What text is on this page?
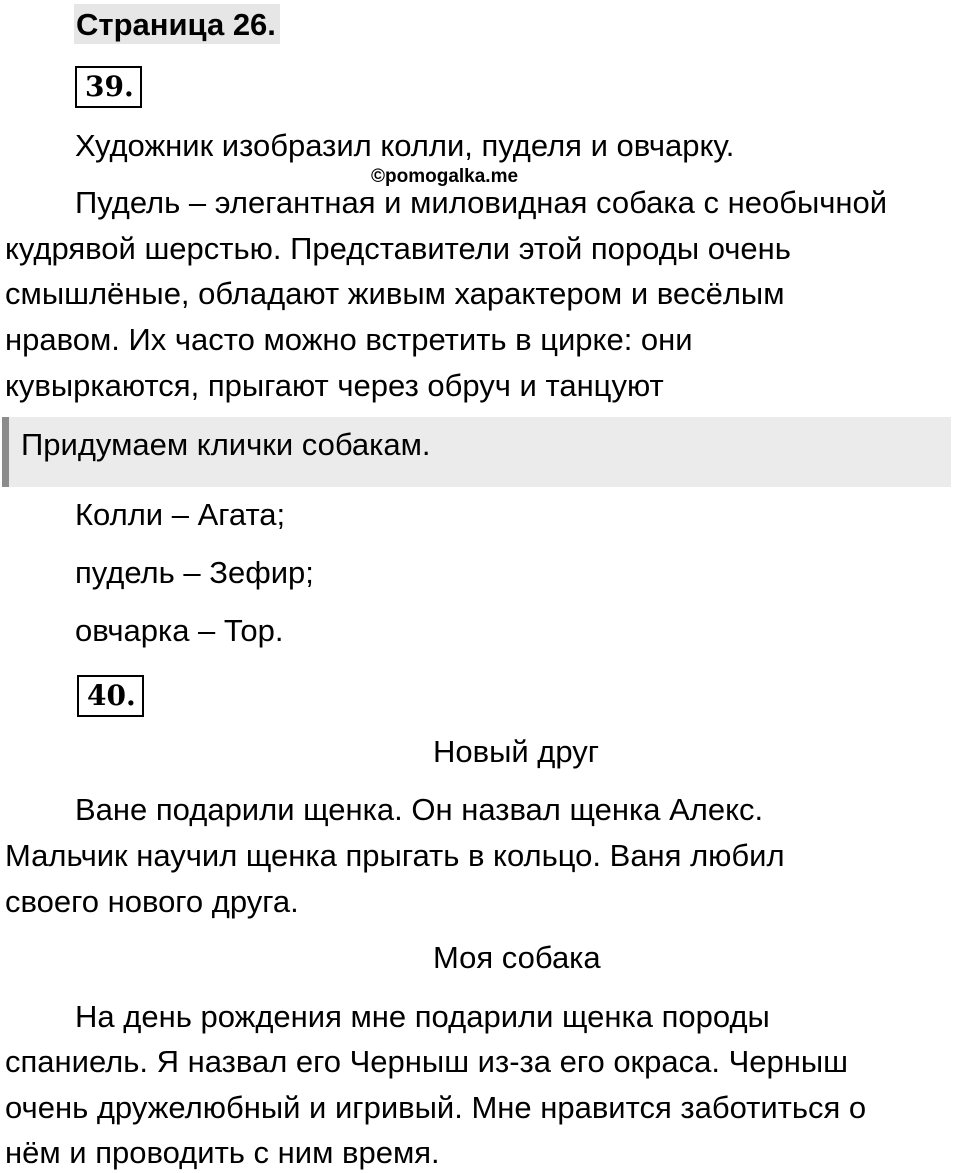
Страница 26.
39.
Художник изобразил колли, пуделя и овчарку.
©pomogalka.me
Пудель – элегантная и миловидная собака с необычной
кудрявой шерстью. Представители этой породы очень
смышлёные, обладают живым характером и весёлым
нравом. Их часто можно встретить в цирке: они
кувыркаются, прыгают через обруч и танцуют
Придумаем клички собакам.
Колли – Агата;
пудель – Зефир;
овчарка – Тор.
40.
Новый друг
Ване подарили щенка. Он назвал щенка Алекс.
Мальчик научил щенка прыгать в кольцо. Ваня любил
своего нового друга.
Моя собака
На день рождения мне подарили щенка породы
спаниель. Я назвал его Черныш из-за его окраса. Черныш
очень дружелюбный и игривый. Мне нравится заботиться о
нём и проводить с ним время.
